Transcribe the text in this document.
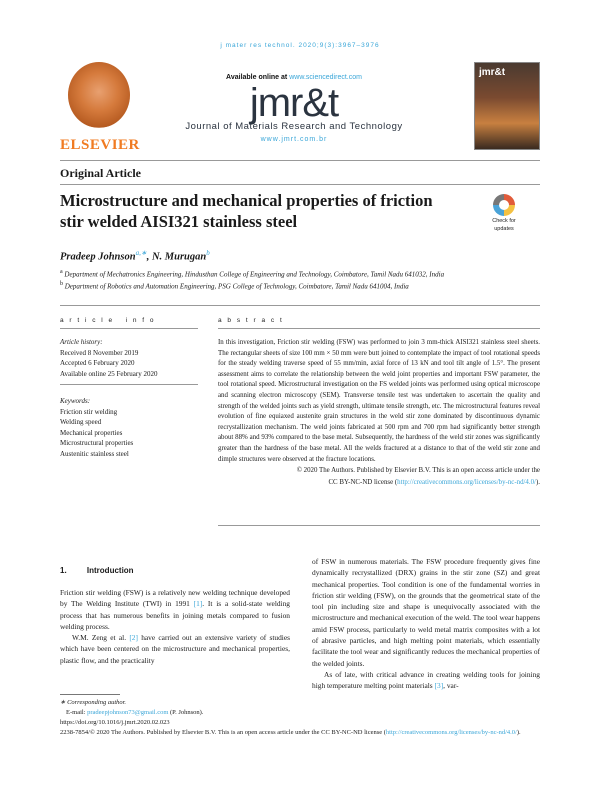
j mater res technol. 2020;9(3):3967–3976
ELSEVIER
Available online at www.sciencedirect.com
jmr&t
Journal of Materials Research and Technology
www.jmrt.com.br
jmr&t
Original Article
Microstructure and mechanical properties of friction stir welded AISI321 stainless steel	Check for
updates
Pradeep Johnson$^{a,∗}$, N. Murugan$^b$
$^a$ Department of Mechatronics Engineering, Hindusthan College of Engineering and Technology, Coimbatore, Tamil Nadu 641032, India
$^b$ Department of Robotics and Automation Engineering, PSG College of Technology, Coimbatore, Tamil Nadu 641004, India
a r t i c l e   i n f o	a b s t r a c t
Article history:
Received 8 November 2019
Accepted 6 February 2020
Available online 25 February 2020
Keywords:
Friction stir welding
Welding speed
Mechanical properties
Microstructural properties
Austenitic stainless steel
In this investigation, Friction stir welding (FSW) was performed to join 3 mm-thick AISI321 stainless steel sheets. The rectangular sheets of size 100 mm × 50 mm were butt joined to contemplate the impact of tool rotational speeds for the steady welding traverse speed of 55 mm/min, axial force of 13 kN and tool tilt angle of 1.5°. The present assessment aims to correlate the relationship between the weld joint properties and important FSW parameter, the tool rotational speed. Microstructural investigation on the FS welded joints was performed using optical microscope and scanning electron microscopy (SEM). Transverse tensile test was undertaken to ascertain the quality and strength of the welded joints such as yield strength, ultimate tensile strength, etc. The microstructural features reveal evolution of fine equiaxed austenite grain structures in the weld stir zone dominated by discontinuous dynamic recrystallization mechanism. The weld joints fabricated at 500 rpm and 700 rpm had significantly better strength about 88% and 93% compared to the base metal. Subsequently, the hardness of the weld stir zones was significantly greater than the hardness of the base metal. All the welds fractured at a distance to that of the weld stir zone and dimple structures were observed at the fracture locations.
© 2020 The Authors. Published by Elsevier B.V. This is an open access article under the
CC BY-NC-ND license (http://creativecommons.org/licenses/by-nc-nd/4.0/).
1.	Introduction
Friction stir welding (FSW) is a relatively new welding technique developed by The Welding Institute (TWI) in 1991 [1]. It is a solid-state welding process that has numerous benefits in joining metals compared to fusion welding process.
W.M. Zeng et al. [2] have carried out an extensive variety of studies which have been centered on the microstructure and mechanical properties, plastic flow, and the practicality
of FSW in numerous materials. The FSW procedure frequently gives fine dynamically recrystallized (DRX) grains in the stir zone (SZ) and great mechanical properties. Tool condition is one of the fundamental worries in friction stir welding (FSW), on the grounds that the geometrical state of the tool pin including size and shape is unequivocally associated with the microstructure and mechanical execution of the weld. The tool wear happens amid FSW process, particularly to weld metal matrix composites with a lot of abrasive particles, and high melting point materials, which essentially facilitate the tool wear and significantly reduces the mechanical properties of the welded joints.
As of late, with critical advance in creating welding tools for joining high temperature melting point materials [3], var-
∗ Corresponding author.
E-mail: pradeepjohnson73@gmail.com (P. Johnson).
https://doi.org/10.1016/j.jmrt.2020.02.023
2238-7854/© 2020 The Authors. Published by Elsevier B.V. This is an open access article under the CC BY-NC-ND license (http://creativecommons.org/licenses/by-nc-nd/4.0/).
